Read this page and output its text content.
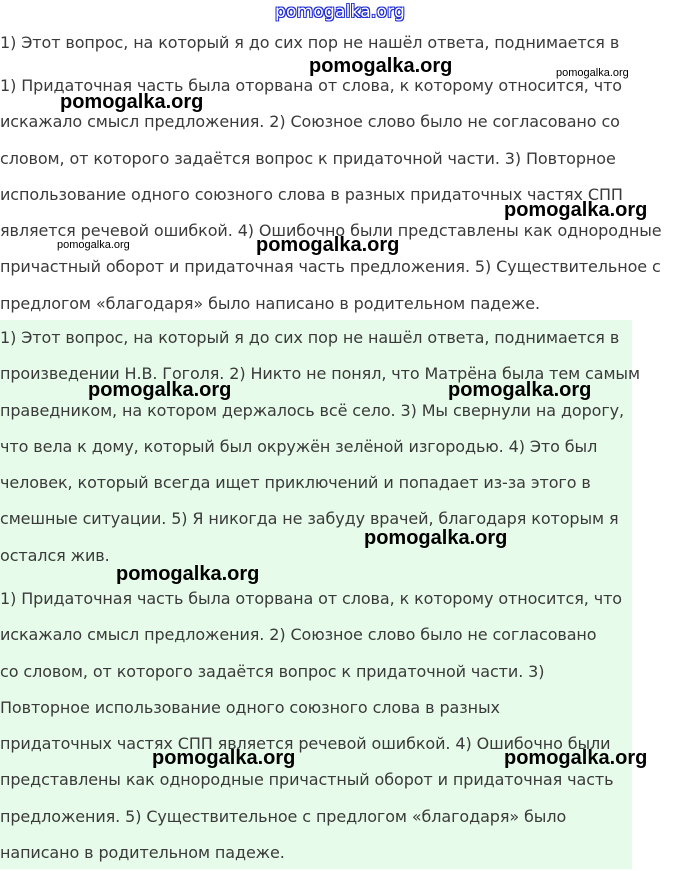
pomogalka.org

1) Этот вопрос, на который я до сих пор не нашёл ответа, поднимается в

1) Придаточная часть была оторвана от слова, к которому относится, что
искажало смысл предложения. 2) Союзное слово было не согласовано со
словом, от которого задаётся вопрос к придаточной части. 3) Повторное
использование одного союзного слова в разных придаточных частях СПП
является речевой ошибкой. 4) Ошибочно были представлены как однородные
причастный оборот и придаточная часть предложения. 5) Существительное с
предлогом «благодаря» было написано в родительном падеже.

1) Этот вопрос, на который я до сих пор не нашёл ответа, поднимается в
произведении Н.В. Гоголя. 2) Никто не понял, что Матрёна была тем самым
праведником, на котором держалось всё село. 3) Мы свернули на дорогу,
что вела к дому, который был окружён зелёной изгородью. 4) Это был
человек, который всегда ищет приключений и попадает из-за этого в
смешные ситуации. 5) Я никогда не забуду врачей, благодаря которым я
остался жив.

1) Придаточная часть была оторвана от слова, к которому относится, что
искажало смысл предложения. 2) Союзное слово было не согласовано
со словом, от которого задаётся вопрос к придаточной части. 3)
Повторное использование одного союзного слова в разных
придаточных частях СПП является речевой ошибкой. 4) Ошибочно были
представлены как однородные причастный оборот и придаточная часть
предложения. 5) Существительное с предлогом «благодаря» было
написано в родительном падеже.

pomogalka.org	pomogalka.org
pomogalka.org
pomogalka.org
pomogalka.org	pomogalka.org
pomogalka.org	pomogalka.org
pomogalka.org
pomogalka.org
pomogalka.org	pomogalka.org
